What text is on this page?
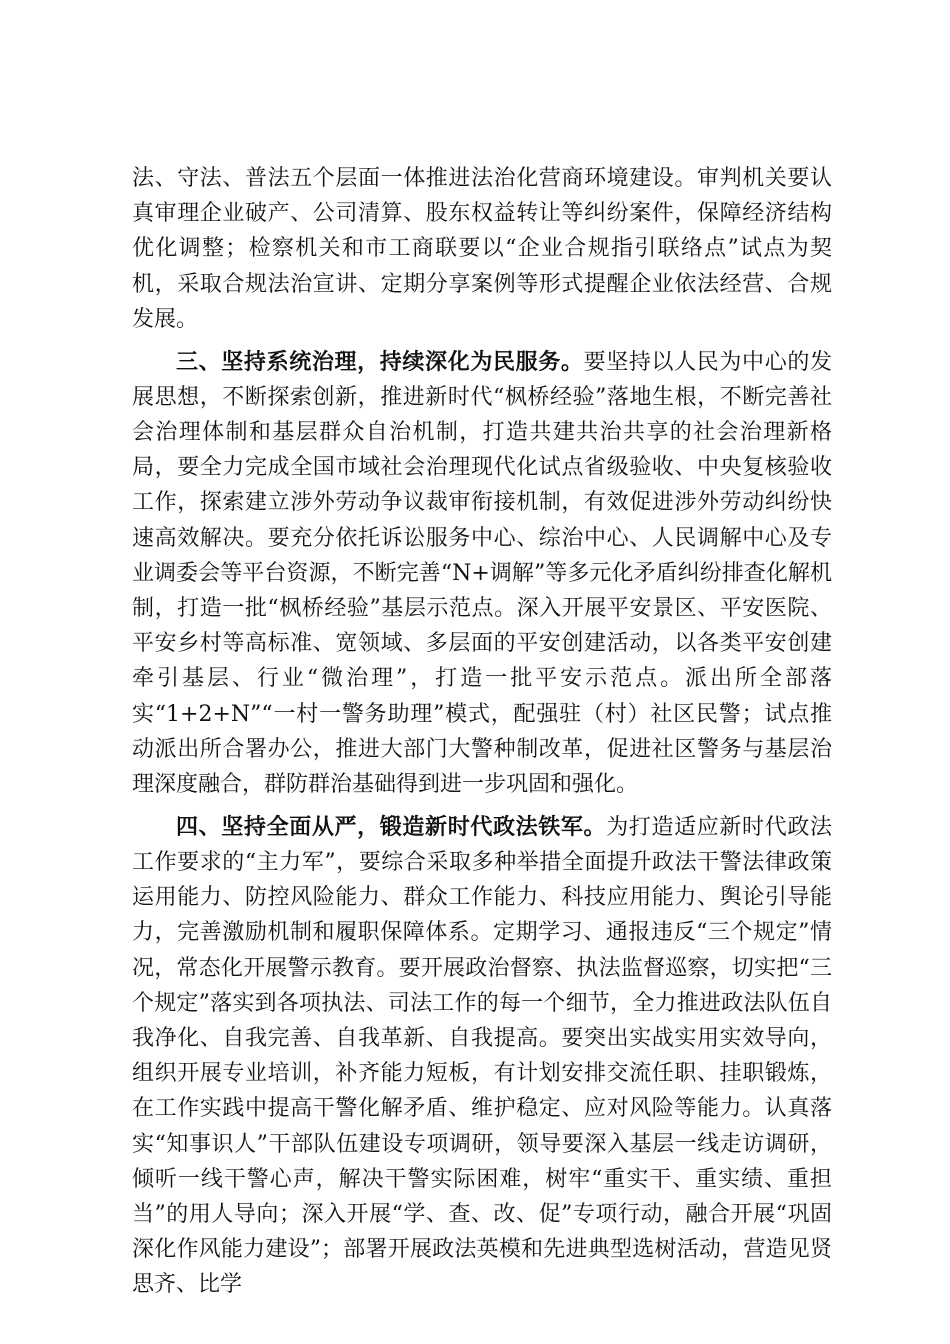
法、守法、普法五个层面一体推进法治化营商环境建设。审判机关要认真审理企业破产、公司清算、股东权益转让等纠纷案件，保障经济结构优化调整；检察机关和市工商联要以“企业合规指引联络点”试点为契机，采取合规法治宣讲、定期分享案例等形式提醒企业依法经营、合规发展。

三、坚持系统治理，持续深化为民服务。要坚持以人民为中心的发展思想，不断探索创新，推进新时代“枫桥经验”落地生根，不断完善社会治理体制和基层群众自治机制，打造共建共治共享的社会治理新格局，要全力完成全国市域社会治理现代化试点省级验收、中央复核验收工作，探索建立涉外劳动争议裁审衔接机制，有效促进涉外劳动纠纷快速高效解决。要充分依托诉讼服务中心、综治中心、人民调解中心及专业调委会等平台资源，不断完善“N+调解”等多元化矛盾纠纷排查化解机制，打造一批“枫桥经验”基层示范点。深入开展平安景区、平安医院、平安乡村等高标准、宽领域、多层面的平安创建活动，以各类平安创建牵引基层、行业“微治理”，打造一批平安示范点。派出所全部落实“1+2+N”“一村一警务助理”模式，配强驻（村）社区民警；试点推动派出所合署办公，推进大部门大警种制改革，促进社区警务与基层治理深度融合，群防群治基础得到进一步巩固和强化。

四、坚持全面从严，锻造新时代政法铁军。为打造适应新时代政法工作要求的“主力军”，要综合采取多种举措全面提升政法干警法律政策运用能力、防控风险能力、群众工作能力、科技应用能力、舆论引导能力，完善激励机制和履职保障体系。定期学习、通报违反“三个规定”情况，常态化开展警示教育。要开展政治督察、执法监督巡察，切实把“三个规定”落实到各项执法、司法工作的每一个细节，全力推进政法队伍自我净化、自我完善、自我革新、自我提高。要突出实战实用实效导向，组织开展专业培训，补齐能力短板，有计划安排交流任职、挂职锻炼，在工作实践中提高干警化解矛盾、维护稳定、应对风险等能力。认真落实“知事识人”干部队伍建设专项调研，领导要深入基层一线走访调研，倾听一线干警心声，解决干警实际困难，树牢“重实干、重实绩、重担当”的用人导向；深入开展“学、查、改、促”专项行动，融合开展“巩固深化作风能力建设”；部署开展政法英模和先进典型选树活动，营造见贤思齐、比学
